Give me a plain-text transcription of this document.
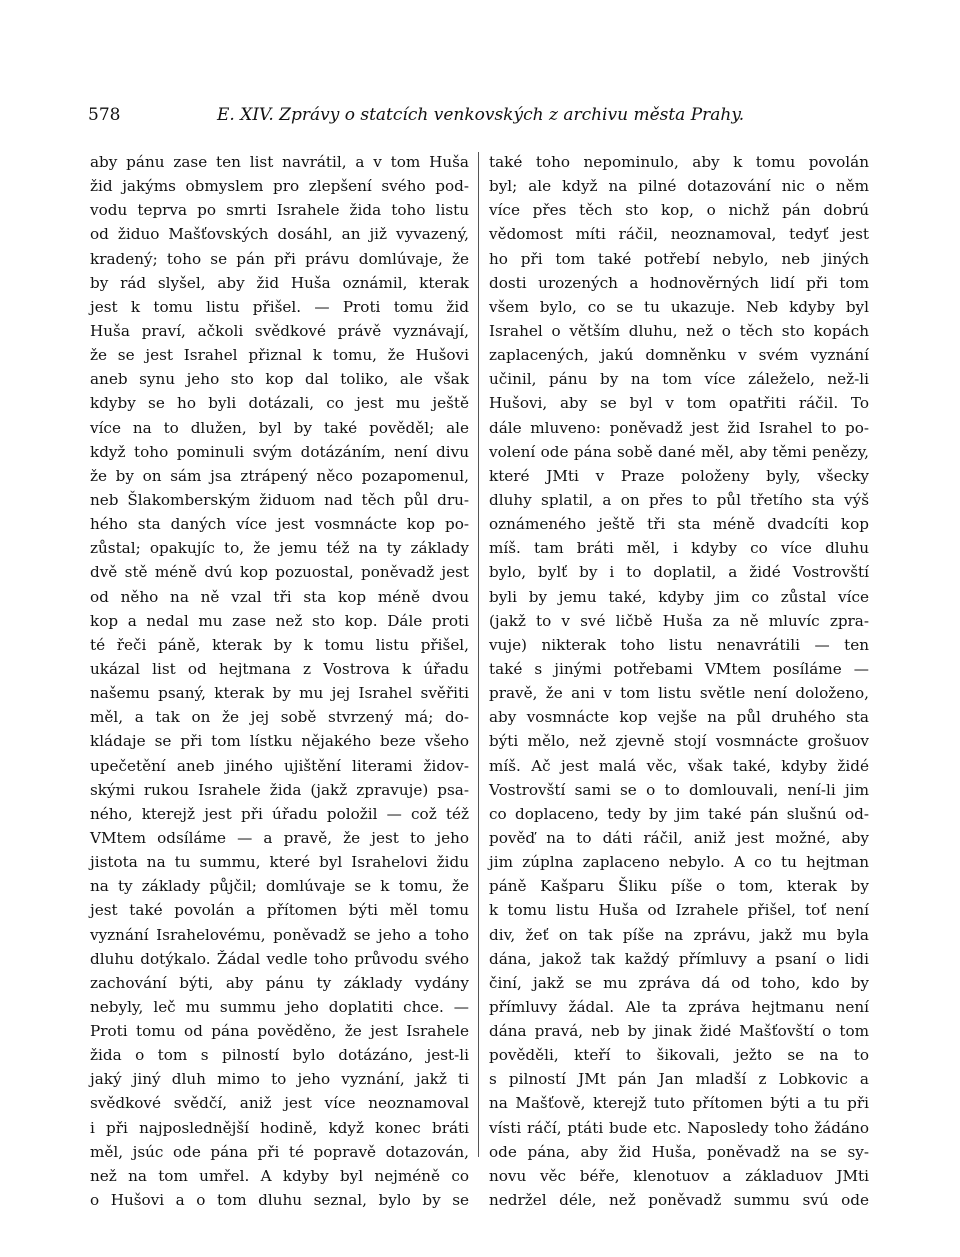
578	E. XIV. Zprávy o statcích venkovských z archivu města Prahy.
aby pánu zase ten list navrátil, a v tom Huša
žid jakýms obmyslem pro zlepšení svého pod-
vodu teprva po smrti Israhele žida toho listu
od židuo Mašťovských dosáhl, an již vyvazený,
kradený; toho se pán při právu domlúvaje, že
by rád slyšel, aby žid Huša oznámil, kterak
jest k tomu listu přišel. — Proti tomu žid
Huša praví, ačkoli svědkové právě vyznávají,
že se jest Israhel přiznal k tomu, že Hušovi
aneb synu jeho sto kop dal toliko, ale však
kdyby se ho byli dotázali, co jest mu ještě
více na to dlužen, byl by také pověděl; ale
když toho pominuli svým dotázáním, není divu
že by on sám jsa ztrápený něco pozapomenul,
neb Šlakomberským židuom nad těch půl dru-
hého sta daných více jest vosmnácte kop po-
zůstal; opakujíc to, že jemu též na ty základy
dvě stě méně dvú kop pozuostal, poněvadž jest
od něho na ně vzal tři sta kop méně dvou
kop a nedal mu zase než sto kop. Dále proti
té řeči páně, kterak by k tomu listu přišel,
ukázal list od hejtmana z Vostrova k úřadu
našemu psaný, kterak by mu jej Israhel svěřiti
měl, a tak on že jej sobě stvrzený má; do-
kládaje se při tom lístku nějakého beze všeho
upečetění aneb jiného ujištění literami židov-
skými rukou Israhele žida (jakž zpravuje) psa-
ného, kterejž jest při úřadu položil — což též
VMtem odsíláme — a pravě, že jest to jeho
jistota na tu summu, které byl Israhelovi židu
na ty základy půjčil; domlúvaje se k tomu, že
jest také povolán a přítomen býti měl tomu
vyznání Israhelovému, poněvadž se jeho a toho
dluhu dotýkalo. Žádal vedle toho průvodu svého
zachování býti, aby pánu ty základy vydány
nebyly, leč mu summu jeho doplatiti chce. —
Proti tomu od pána pověděno, že jest Israhele
žida o tom s pilností bylo dotázáno, jest-li
jaký jiný dluh mimo to jeho vyznání, jakž ti
svědkové svědčí, aniž jest více neoznamoval
i při najposlednější hodině, když konec bráti
měl, jsúc ode pána při té popravě dotazován,
než na tom umřel. A kdyby byl nejméně co
o Hušovi a o tom dluhu seznal, bylo by se
také toho nepominulo, aby k tomu povolán
byl; ale když na pilné dotazování nic o něm
více přes těch sto kop, o nichž pán dobrú
vědomost míti ráčil, neoznamoval, tedyť jest
ho při tom také potřebí nebylo, neb jiných
dosti urozených a hodnověrných lidí při tom
všem bylo, co se tu ukazuje. Neb kdyby byl
Israhel o větším dluhu, než o těch sto kopách
zaplacených, jakú domněnku v svém vyznání
učinil, pánu by na tom více záleželo, než-li
Hušovi, aby se byl v tom opatřiti ráčil. To
dále mluveno: poněvadž jest žid Israhel to po-
volení ode pána sobě dané měl, aby těmi penězy,
které JMti v Praze položeny byly, všecky
dluhy splatil, a on přes to půl třetího sta výš
oznámeného ještě tři sta méně dvadcíti kop
míš. tam bráti měl, i kdyby co více dluhu
bylo, bylť by i to doplatil, a židé Vostrovští
byli by jemu také, kdyby jim co zůstal více
(jakž to v své ličbě Huša za ně mluvíc zpra-
vuje) nikterak toho listu nenavrátili — ten
také s jinými potřebami VMtem posíláme —
pravě, že ani v tom listu světle není doloženo,
aby vosmnácte kop vejše na půl druhého sta
býti mělo, než zjevně stojí vosmnácte grošuov
míš. Ač jest malá věc, však také, kdyby židé
Vostrovští sami se o to domlouvali, není-li jim
co doplaceno, tedy by jim také pán slušnú od-
pověď na to dáti ráčil, aniž jest možné, aby
jim zúplna zaplaceno nebylo. A co tu hejtman
páně Kašparu Šliku píše o tom, kterak by
k tomu listu Huša od Izrahele přišel, toť není
div, žeť on tak píše na zprávu, jakž mu byla
dána, jakož tak každý přímluvy a psaní o lidi
činí, jakž se mu zpráva dá od toho, kdo by
přímluvy žádal. Ale ta zpráva hejtmanu není
dána pravá, neb by jinak židé Mašťovští o tom
pověděli, kteří to šikovali, ježto se na to
s pilností JMt pán Jan mladší z Lobkovic a
na Mašťově, kterejž tuto přítomen býti a tu při
vísti ráčí, ptáti bude etc. Naposledy toho žádáno
ode pána, aby žid Huša, poněvadž na se sy-
novu věc béře, klenotuov a základuov JMti
nedržel déle, než poněvadž summu svú ode
